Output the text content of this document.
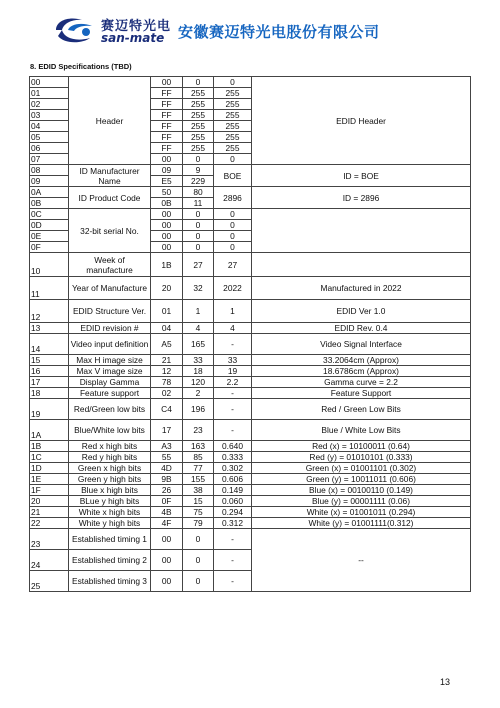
赛迈特光电
san-mate 安徽赛迈特光电股份有限公司
8. EDID Specifications (TBD)
00	Header	00	0	0	EDID Header
01		FF	255	255	
02		FF	255	255	
03		FF	255	255	
04		FF	255	255	
05		FF	255	255	
06		FF	255	255	
07		00	0	0	
08	ID Manufacturer Name	09	9	BOE	ID = BOE
09		E5	229		
0A	ID Product Code	50	80	2896	ID = 2896
0B		0B	11		
0C	32-bit serial No.	00	0	0	
0D		00	0	0	
0E		00	0	0	
0F		00	0	0	
10	Week of manufacture	1B	27	27	
11	Year of Manufacture	20	32	2022	Manufactured in 2022
12	EDID Structure Ver.	01	1	1	EDID Ver 1.0
13	EDID revision #	04	4	4	EDID Rev. 0.4
14	Video input definition	A5	165	-	Video Signal Interface
15	Max H image size	21	33	33	33.2064cm (Approx)
16	Max V image size	12	18	19	18.6786cm (Approx)
17	Display Gamma	78	120	2.2	Gamma curve = 2.2
18	Feature support	02	2	-	Feature Support
19	Red/Green low bits	C4	196	-	Red / Green Low Bits
1A	Blue/White low bits	17	23	-	Blue / White Low Bits
1B	Red x high bits	A3	163	0.640	Red (x) = 10100011 (0.64)
1C	Red y high bits	55	85	0.333	Red (y) = 01010101 (0.333)
1D	Green x high bits	4D	77	0.302	Green (x) = 01001101 (0.302)
1E	Green y high bits	9B	155	0.606	Green (y) = 10011011 (0.606)
1F	Blue x high bits	26	38	0.149	Blue (x) = 00100110 (0.149)
20	BLue y high bits	0F	15	0.060	Blue (y) = 00001111 (0.06)
21	White x high bits	4B	75	0.294	White (x) = 01001011 (0.294)
22	White y high bits	4F	79	0.312	White (y) = 01001111(0.312)
23	Established timing 1	00	0	-	--
24	Established timing 2	00	0	-	
25	Established timing 3	00	0	-	
13
